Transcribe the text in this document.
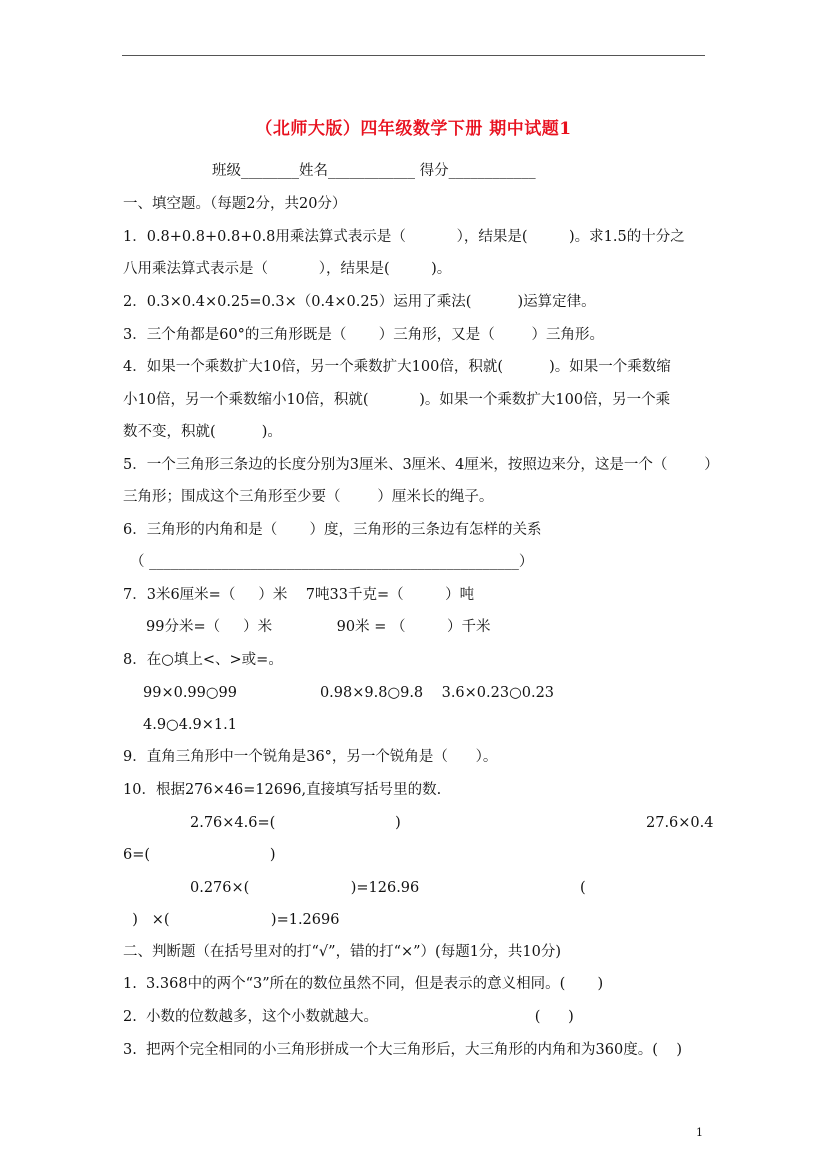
（北师大版）四年级数学下册 期中试题1
班级________姓名____________ 得分____________
一、填空题。（每题2分，共20分）
1．0.8+0.8+0.8+0.8用乘法算式表示是（           ），结果是(         )。求1.5的十分之
八用乘法算式表示是（           ），结果是(         )。
2．0.3×0.4×0.25=0.3×（0.4×0.25）运用了乘法(          )运算定律。
3．三个角都是60°的三角形既是（       ）三角形，又是（        ）三角形。
4．如果一个乘数扩大10倍，另一个乘数扩大100倍，积就(          )。如果一个乘数缩
小10倍，另一个乘数缩小10倍，积就(           )。如果一个乘数扩大100倍，另一个乘
数不变，积就(          )。
5．一个三角形三条边的长度分别为3厘米、3厘米、4厘米，按照边来分，这是一个（        ）
三角形；围成这个三角形至少要（        ）厘米长的绳子。
6．三角形的内角和是（       ）度，三角形的三条边有怎样的关系
（ ___________________________________________________）
7．3米6厘米=（     ）米    7吨33千克=（         ）吨
99分米=（     ）米              90米 = （         ）千米
8．在○填上<、>或=。
99×0.99○99                  0.98×9.8○9.8    3.6×0.23○0.23
4.9○4.9×1.1
9．直角三角形中一个锐角是36°，另一个锐角是（      ）。
10．根据276×46=12696,直接填写括号里的数.
2.76×4.6=(                          )	27.6×0.4
6=(                          )
0.276×(                      )=126.96	(
)   ×(                      )=1.2696
二、判断题（在括号里对的打“√”，错的打“×”）(每题1分，共10分)
1.  3.368中的两个“3”所在的数位虽然不同，但是表示的意义相同。(       )
2.  小数的位数越多，这个小数就越大。                                  (      )
3.  把两个完全相同的小三角形拼成一个大三角形后，大三角形的内角和为360度。(    )
1
